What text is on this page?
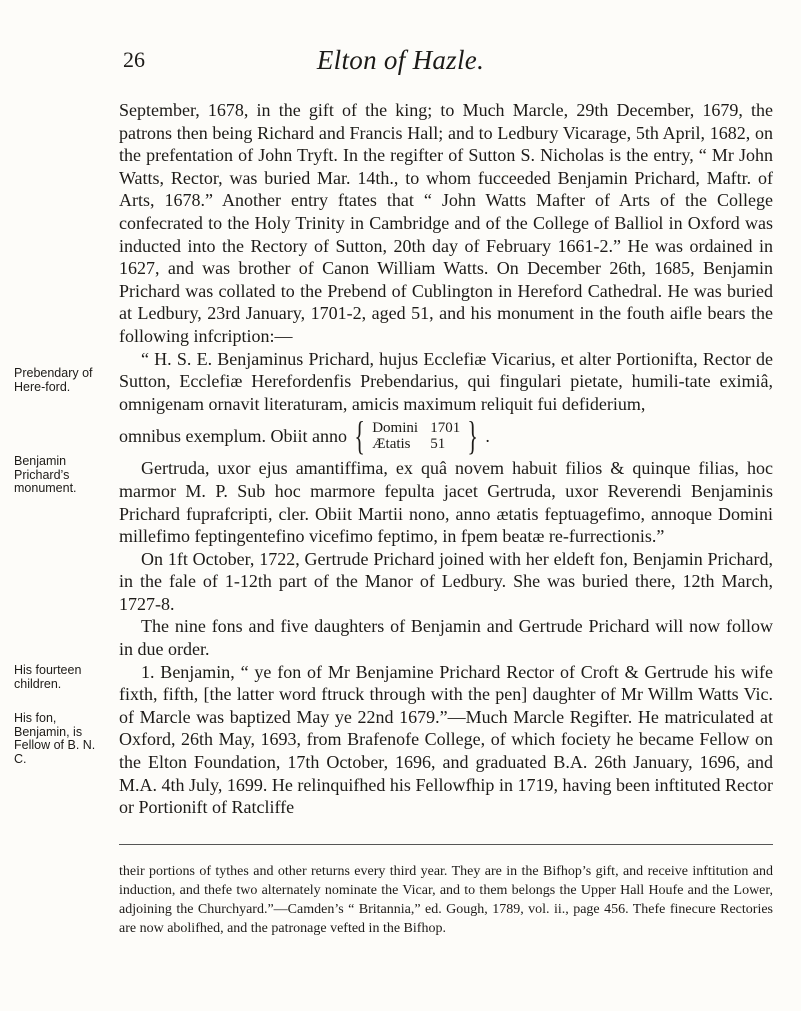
26	Elton of Hazle.
Prebendary of Here-ford.
Benjamin Prichard’s monument.
His fourteen children.
His fon, Benjamin, is Fellow of B. N. C.

September, 1678, in the gift of the king; to Much Marcle, 29th December, 1679, the patrons then being Richard and Francis Hall; and to Ledbury Vicarage, 5th April, 1682, on the prefentation of John Tryft. In the regifter of Sutton S. Nicholas is the entry, “ Mr John Watts, Rector, was buried Mar. 14th., to whom fucceeded Benjamin Prichard, Maftr. of Arts, 1678.” Another entry ftates that “ John Watts Mafter of Arts of the College confecrated to the Holy Trinity in Cambridge and of the College of Balliol in Oxford was inducted into the Rectory of Sutton, 20th day of February 1661-2.” He was ordained in 1627, and was brother of Canon William Watts. On December 26th, 1685, Benjamin Prichard was collated to the Prebend of Cublington in Hereford Cathedral. He was buried at Ledbury, 23rd January, 1701-2, aged 51, and his monument in the fouth aifle bears the following infcription:—

“ H. S. E. Benjaminus Prichard, hujus Ecclefiæ Vicarius, et alter Portionifta, Rector de Sutton, Ecclefiæ Herefordenfis Prebendarius, qui fingulari pietate, humili-tate eximiâ, omnigenam ornavit literaturam, amicis maximum reliquit fui defiderium,

omnibus exemplum. Obiit anno { Domini 1701
Ætatis	51 } .

Gertruda, uxor ejus amantiffima, ex quâ novem habuit filios & quinque filias, hoc marmor M. P. Sub hoc marmore fepulta jacet Gertruda, uxor Reverendi Benjaminis Prichard fuprafcripti, cler. Obiit Martii nono, anno ætatis feptuagefimo, annoque Domini millefimo feptingentefino vicefimo feptimo, in fpem beatæ re-furrectionis.”

On 1ft October, 1722, Gertrude Prichard joined with her eldeft fon, Benjamin Prichard, in the fale of 1-12th part of the Manor of Ledbury. She was buried there, 12th March, 1727-8.

The nine fons and five daughters of Benjamin and Gertrude Prichard will now follow in due order.

1. Benjamin, “ ye fon of Mr Benjamine Prichard Rector of Croft & Gertrude his wife fixth, fifth, [the latter word ftruck through with the pen] daughter of Mr Willm Watts Vic. of Marcle was baptized May ye 22nd 1679.”—Much Marcle Regifter. He matriculated at Oxford, 26th May, 1693, from Brafenofe College, of which fociety he became Fellow on the Elton Foundation, 17th October, 1696, and graduated B.A. 26th January, 1696, and M.A. 4th July, 1699. He relinquifhed his Fellowfhip in 1719, having been inftituted Rector or Portionift of Ratcliffe

their portions of tythes and other returns every third year. They are in the Bifhop’s gift, and receive inftitution and induction, and thefe two alternately nominate the Vicar, and to them belongs the Upper Hall Houfe and the Lower, adjoining the Churchyard.”—Camden’s “ Britannia,” ed. Gough, 1789, vol. ii., page 456. Thefe finecure Rectories are now abolifhed, and the patronage vefted in the Bifhop.
